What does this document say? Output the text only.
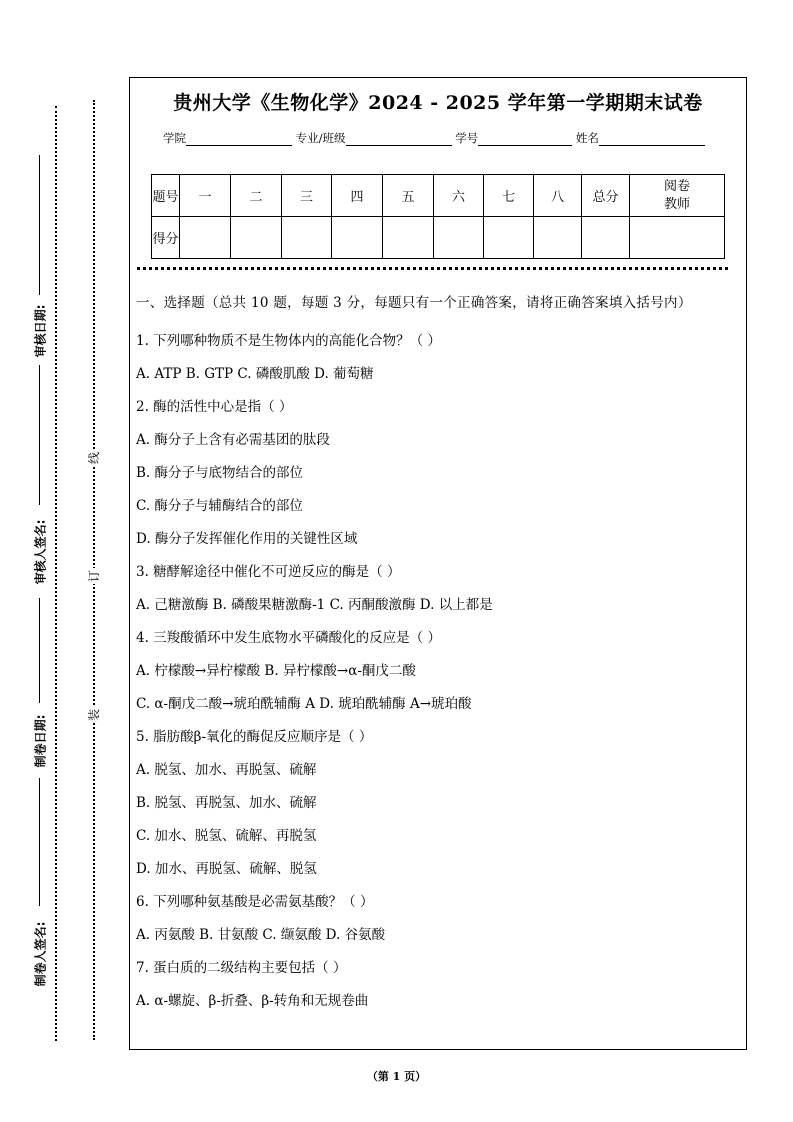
审核日期:
审核人签名:
制卷日期:
制卷人签名:
线
订
装
贵州大学《生物化学》2024 - 2025 学年第一学期期末试卷
学院	专业/班级	学号	姓名
题号	一	二	三	四	五	六	七	八	总分	阅卷教师
得分										

一、选择题（总共 10 题，每题 3 分，每题只有一个正确答案，请将正确答案填入括号内）

1. 下列哪种物质不是生物体内的高能化合物？（ ）
A. ATP B. GTP C. 磷酸肌酸 D. 葡萄糖
2. 酶的活性中心是指（ ）
A. 酶分子上含有必需基团的肽段
B. 酶分子与底物结合的部位
C. 酶分子与辅酶结合的部位
D. 酶分子发挥催化作用的关键性区域
3. 糖酵解途径中催化不可逆反应的酶是（ ）
A. 己糖激酶 B. 磷酸果糖激酶-1 C. 丙酮酸激酶 D. 以上都是
4. 三羧酸循环中发生底物水平磷酸化的反应是（ ）
A. 柠檬酸→异柠檬酸 B. 异柠檬酸→α-酮戊二酸
C. α-酮戊二酸→琥珀酰辅酶 A D. 琥珀酰辅酶 A→琥珀酸
5. 脂肪酸β-氧化的酶促反应顺序是（ ）
A. 脱氢、加水、再脱氢、硫解
B. 脱氢、再脱氢、加水、硫解
C. 加水、脱氢、硫解、再脱氢
D. 加水、再脱氢、硫解、脱氢
6. 下列哪种氨基酸是必需氨基酸？（ ）
A. 丙氨酸 B. 甘氨酸 C. 缬氨酸 D. 谷氨酸
7. 蛋白质的二级结构主要包括（ ）
A. α-螺旋、β-折叠、β-转角和无规卷曲
（第 1 页）
